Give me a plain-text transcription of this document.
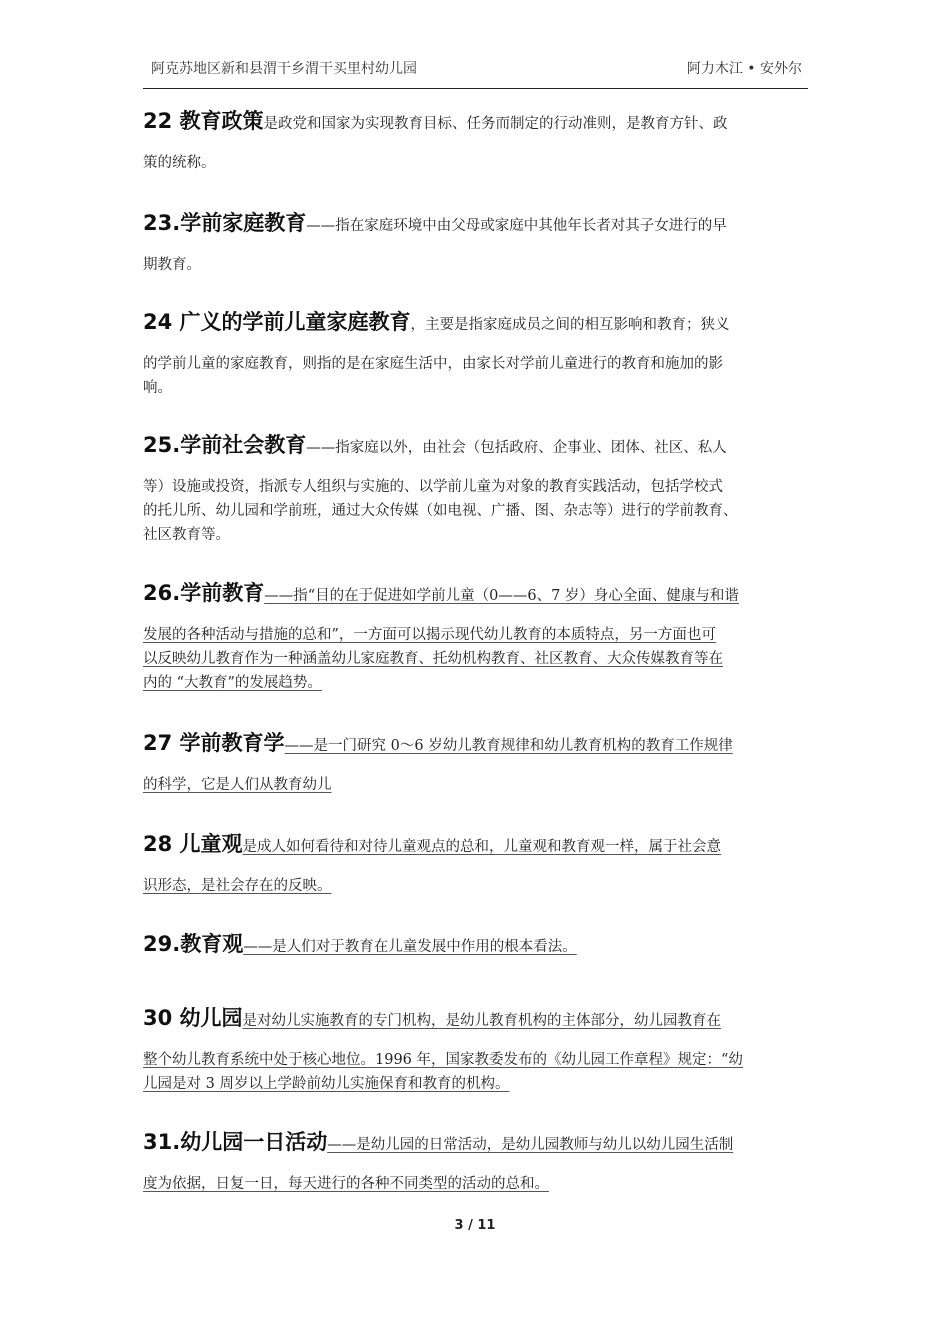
阿克苏地区新和县渭干乡渭干买里村幼儿园	阿力木江 • 安外尔
22 教育政策是政党和国家为实现教育目标、任务而制定的行动准则，是教育方针、政
策的统称。
23.学前家庭教育——指在家庭环境中由父母或家庭中其他年长者对其子女进行的早
期教育。
24 广义的学前儿童家庭教育，主要是指家庭成员之间的相互影响和教育；狭义
的学前儿童的家庭教育，则指的是在家庭生活中，由家长对学前儿童进行的教育和施加的影
响。
25.学前社会教育——指家庭以外，由社会（包括政府、企事业、团体、社区、私人
等）设施或投资，指派专人组织与实施的、以学前儿童为对象的教育实践活动，包括学校式
的托儿所、幼儿园和学前班，通过大众传媒（如电视、广播、图、杂志等）进行的学前教育、
社区教育等。
26.学前教育——指“目的在于促进如学前儿童（0——6、7 岁）身心全面、健康与和谐
发展的各种活动与措施的总和”，一方面可以揭示现代幼儿教育的本质特点，另一方面也可
以反映幼儿教育作为一种涵盖幼儿家庭教育、托幼机构教育、社区教育、大众传媒教育等在
内的 “大教育”的发展趋势。
27 学前教育学——是一门研究 0～6 岁幼儿教育规律和幼儿教育机构的教育工作规律
的科学，它是人们从教育幼儿
28 儿童观是成人如何看待和对待儿童观点的总和，儿童观和教育观一样，属于社会意
识形态，是社会存在的反映。
29.教育观——是人们对于教育在儿童发展中作用的根本看法。
30 幼儿园是对幼儿实施教育的专门机构，是幼儿教育机构的主体部分，幼儿园教育在
整个幼儿教育系统中处于核心地位。1996 年，国家教委发布的《幼儿园工作章程》规定：“幼
儿园是对 3 周岁以上学龄前幼儿实施保育和教育的机构。
31.幼儿园一日活动——是幼儿园的日常活动，是幼儿园教师与幼儿以幼儿园生活制
度为依据，日复一日，每天进行的各种不同类型的活动的总和。
3 / 11
